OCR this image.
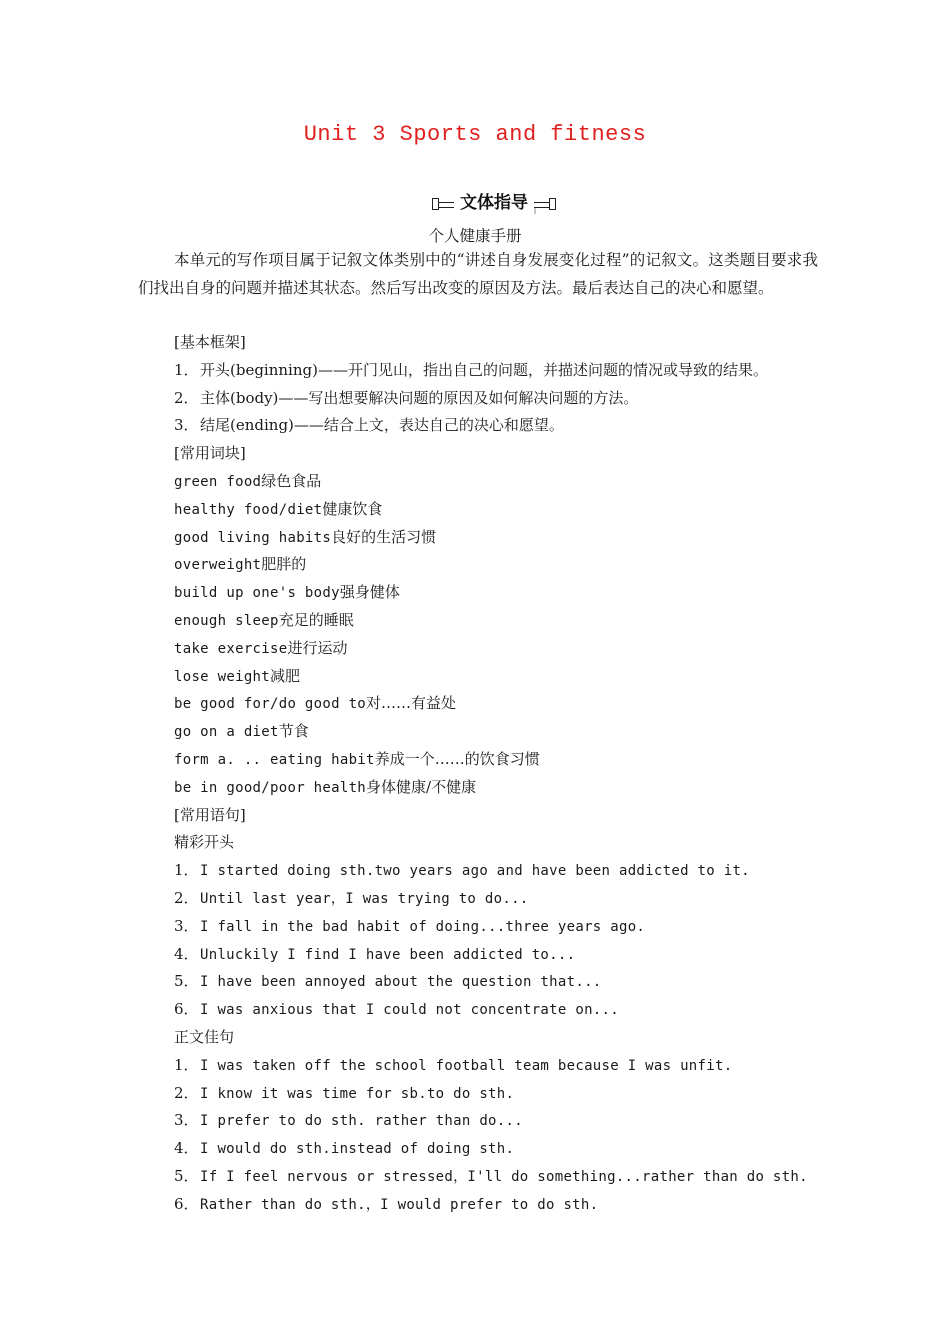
Unit 3 Sports and fitness
文体指导
个人健康手册
本单元的写作项目属于记叙文体类别中的“讲述自身发展变化过程”的记叙文。这类题目要求我们找出自身的问题并描述其状态。然后写出改变的原因及方法。最后表达自己的决心和愿望。
[基本框架]
1．开头(beginning)——开门见山，指出自己的问题，并描述问题的情况或导致的结果。
2．主体(body)——写出想要解决问题的原因及如何解决问题的方法。
3．结尾(ending)——结合上文，表达自己的决心和愿望。
[常用词块]
green food绿色食品
healthy food/diet健康饮食
good living habits良好的生活习惯
overweight肥胖的
build up one's body强身健体
enough sleep充足的睡眠
take exercise进行运动
lose weight减肥
be good for/do good to对……有益处
go on a diet节食
form a. .. eating habit养成一个……的饮食习惯
be in good/poor health身体健康/不健康
[常用语句]
精彩开头
1．I started doing sth.two years ago and have been addicted to it.
2．Until last year，I was trying to do...
3．I fall in the bad habit of doing...three years ago.
4．Unluckily I find I have been addicted to...
5．I have been annoyed about the question that...
6．I was anxious that I could not concentrate on...
正文佳句
1．I was taken off the school football team because I was unfit.
2．I know it was time for sb.to do sth.
3．I prefer to do sth. rather than do...
4．I would do sth.instead of doing sth.
5．If I feel nervous or stressed，I'll do something...rather than do sth.
6．Rather than do sth.，I would prefer to do sth.
